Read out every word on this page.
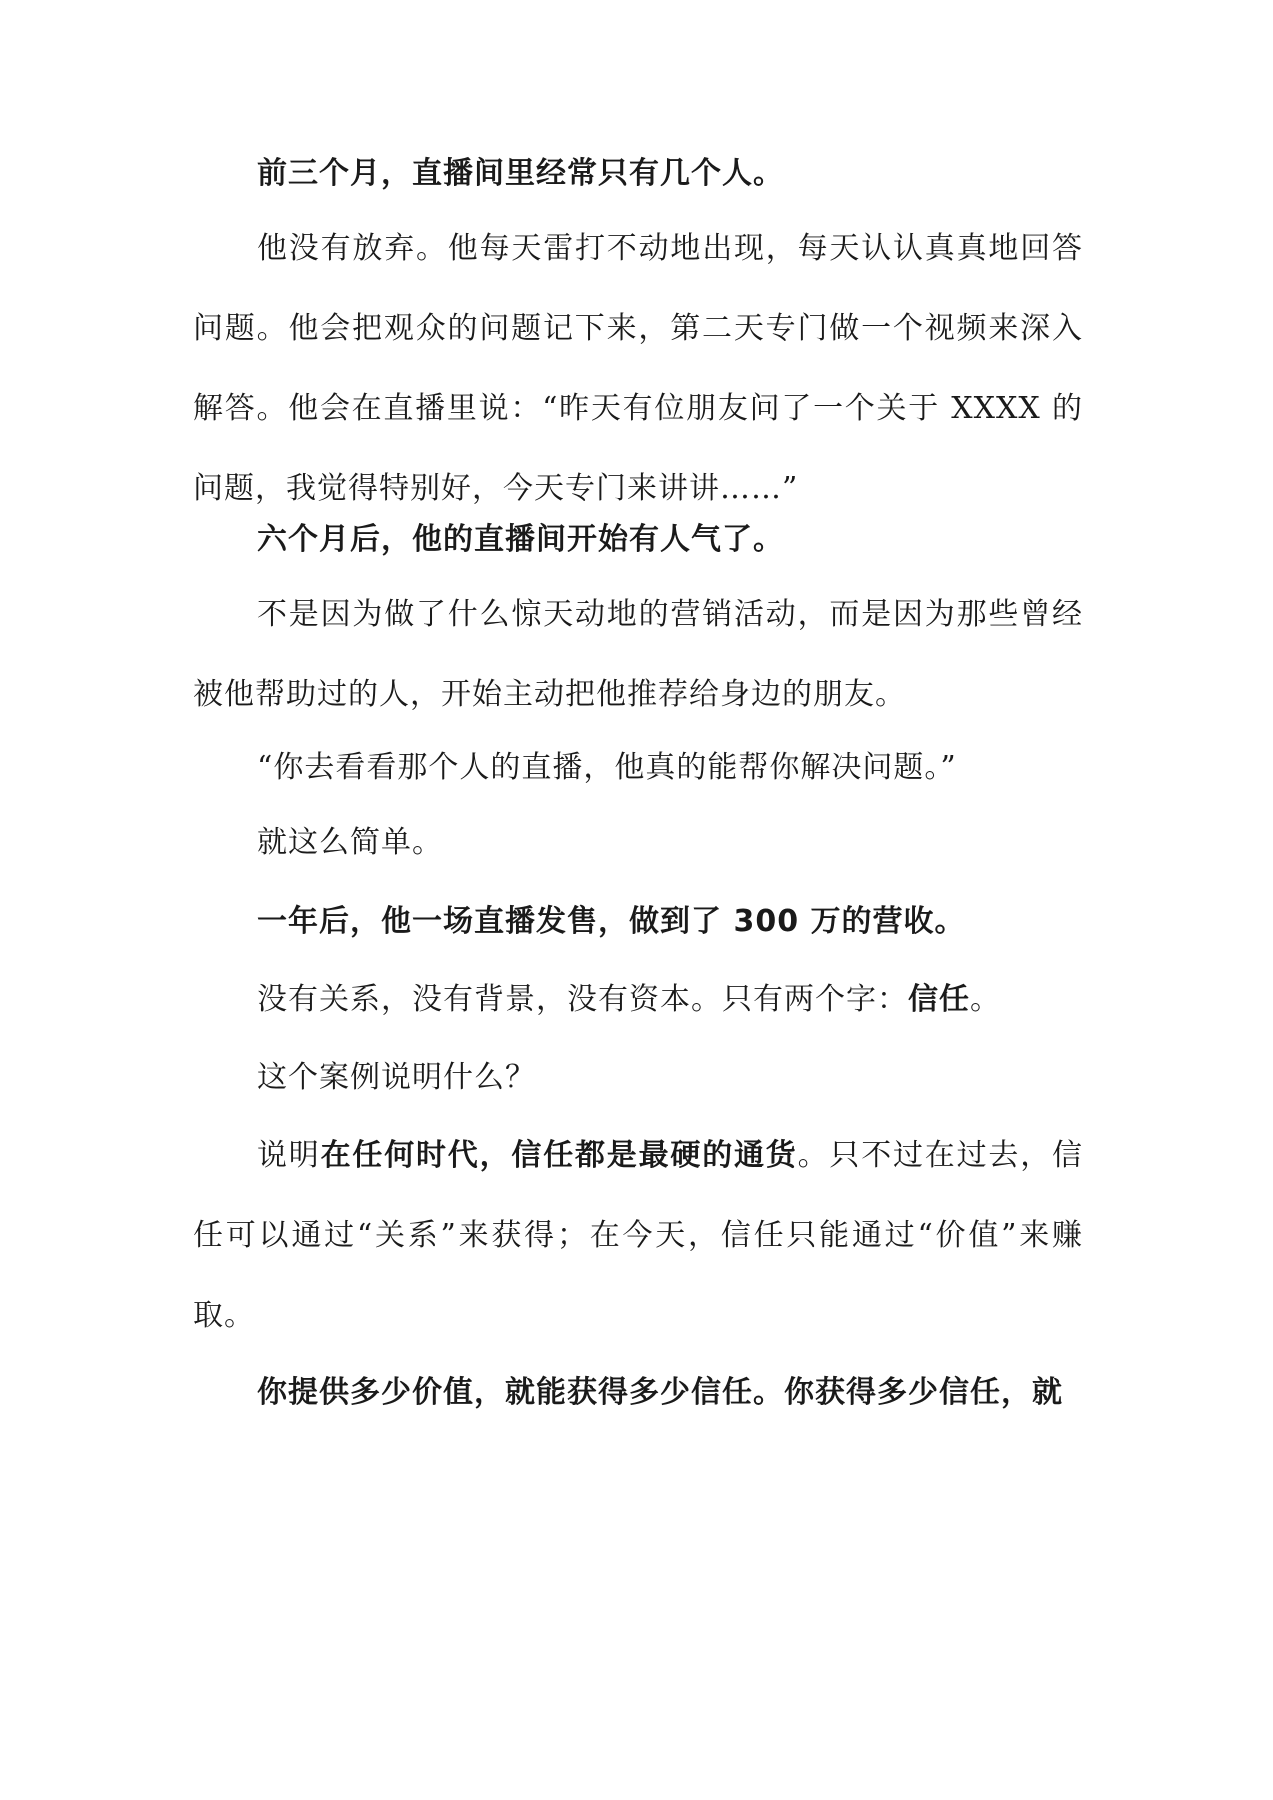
前三个月，直播间里经常只有几个人。

他没有放弃。他每天雷打不动地出现，每天认认真真地回答问题。他会把观众的问题记下来，第二天专门做一个视频来深入解答。他会在直播里说：“昨天有位朋友问了一个关于 XXXX 的问题，我觉得特别好，今天专门来讲讲……”

六个月后，他的直播间开始有人气了。

不是因为做了什么惊天动地的营销活动，而是因为那些曾经被他帮助过的人，开始主动把他推荐给身边的朋友。

“你去看看那个人的直播，他真的能帮你解决问题。”

就这么简单。

一年后，他一场直播发售，做到了 300 万的营收。

没有关系，没有背景，没有资本。只有两个字：信任。

这个案例说明什么？

说明在任何时代，信任都是最硬的通货。只不过在过去，信任可以通过“关系”来获得；在今天，信任只能通过“价值”来赚取。

你提供多少价值，就能获得多少信任。你获得多少信任，就
